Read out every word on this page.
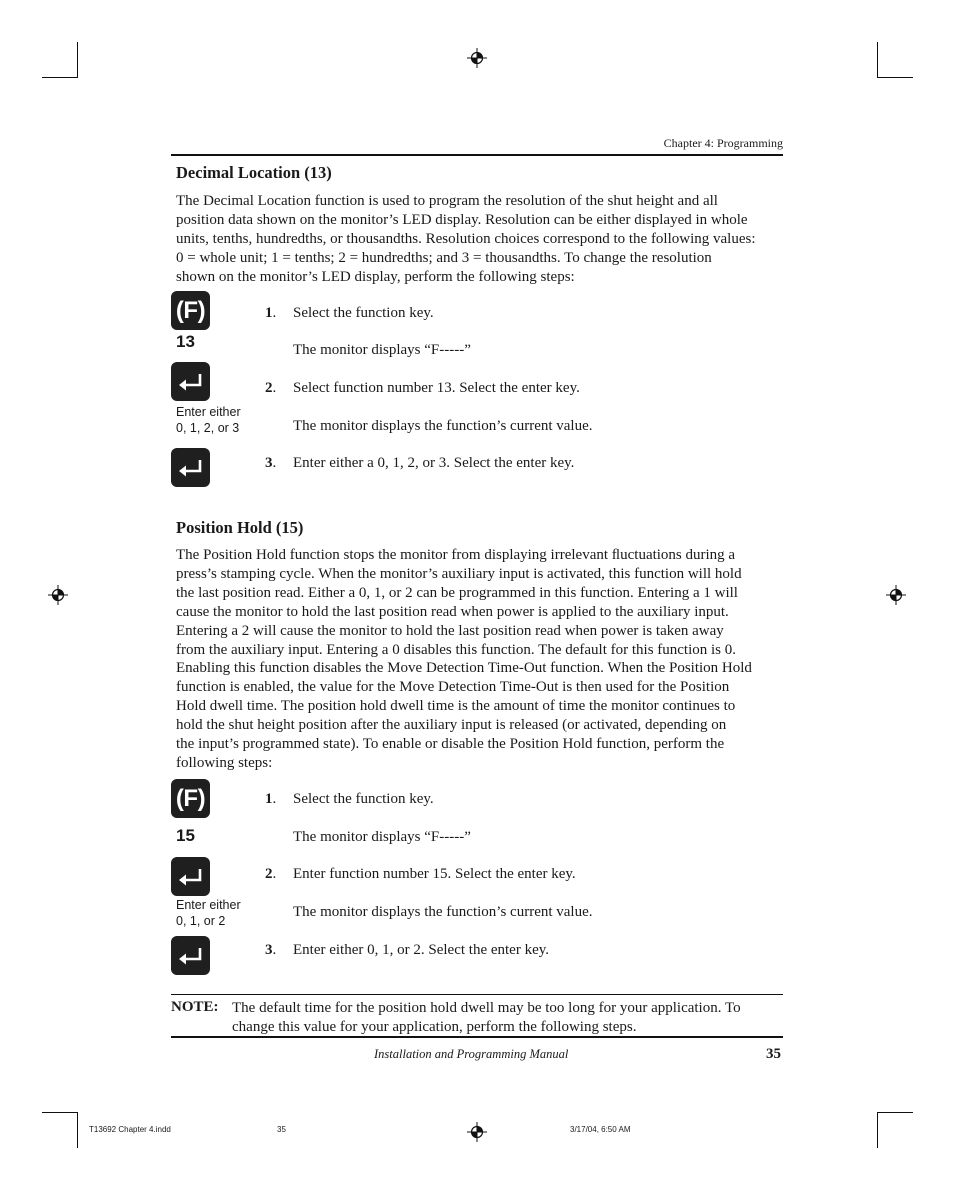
Chapter 4: Programming
Decimal Location (13)
The Decimal Location function is used to program the resolution of the shut height and all
position data shown on the monitor’s LED display. Resolution can be either displayed in whole
units, tenths, hundredths, or thousandths. Resolution choices correspond to the following values:
0 = whole unit; 1 = tenths; 2 = hundredths; and 3 = thousandths. To change the resolution
shown on the monitor’s LED display, perform the following steps:
(F)
13
Enter either
0, 1, 2, or 3
1. Select the function key.
The monitor displays “F-----”
2. Select function number 13. Select the enter key.
The monitor displays the function’s current value.
3. Enter either a 0, 1, 2, or 3. Select the enter key.
Position Hold (15)
The Position Hold function stops the monitor from displaying irrelevant ﬂuctuations during a
press’s stamping cycle. When the monitor’s auxiliary input is activated, this function will hold
the last position read. Either a 0, 1, or 2 can be programmed in this function. Entering a 1 will
cause the monitor to hold the last position read when power is applied to the auxiliary input.
Entering a 2 will cause the monitor to hold the last position read when power is taken away
from the auxiliary input. Entering a 0 disables this function. The default for this function is 0.
Enabling this function disables the Move Detection Time-Out function. When the Position Hold
function is enabled, the value for the Move Detection Time-Out is then used for the Position
Hold dwell time. The position hold dwell time is the amount of time the monitor continues to
hold the shut height position after the auxiliary input is released (or activated, depending on
the input’s programmed state). To enable or disable the Position Hold function, perform the
following steps:
(F)
15
Enter either
0, 1, or 2
1. Select the function key.
The monitor displays “F-----”
2. Enter function number 15. Select the enter key.
The monitor displays the function’s current value.
3. Enter either 0, 1, or 2. Select the enter key.
NOTE: The default time for the position hold dwell may be too long for your application. To
change this value for your application, perform the following steps.
Installation and Programming Manual	35
T13692 Chapter 4.indd	35	3/17/04, 6:50 AM
